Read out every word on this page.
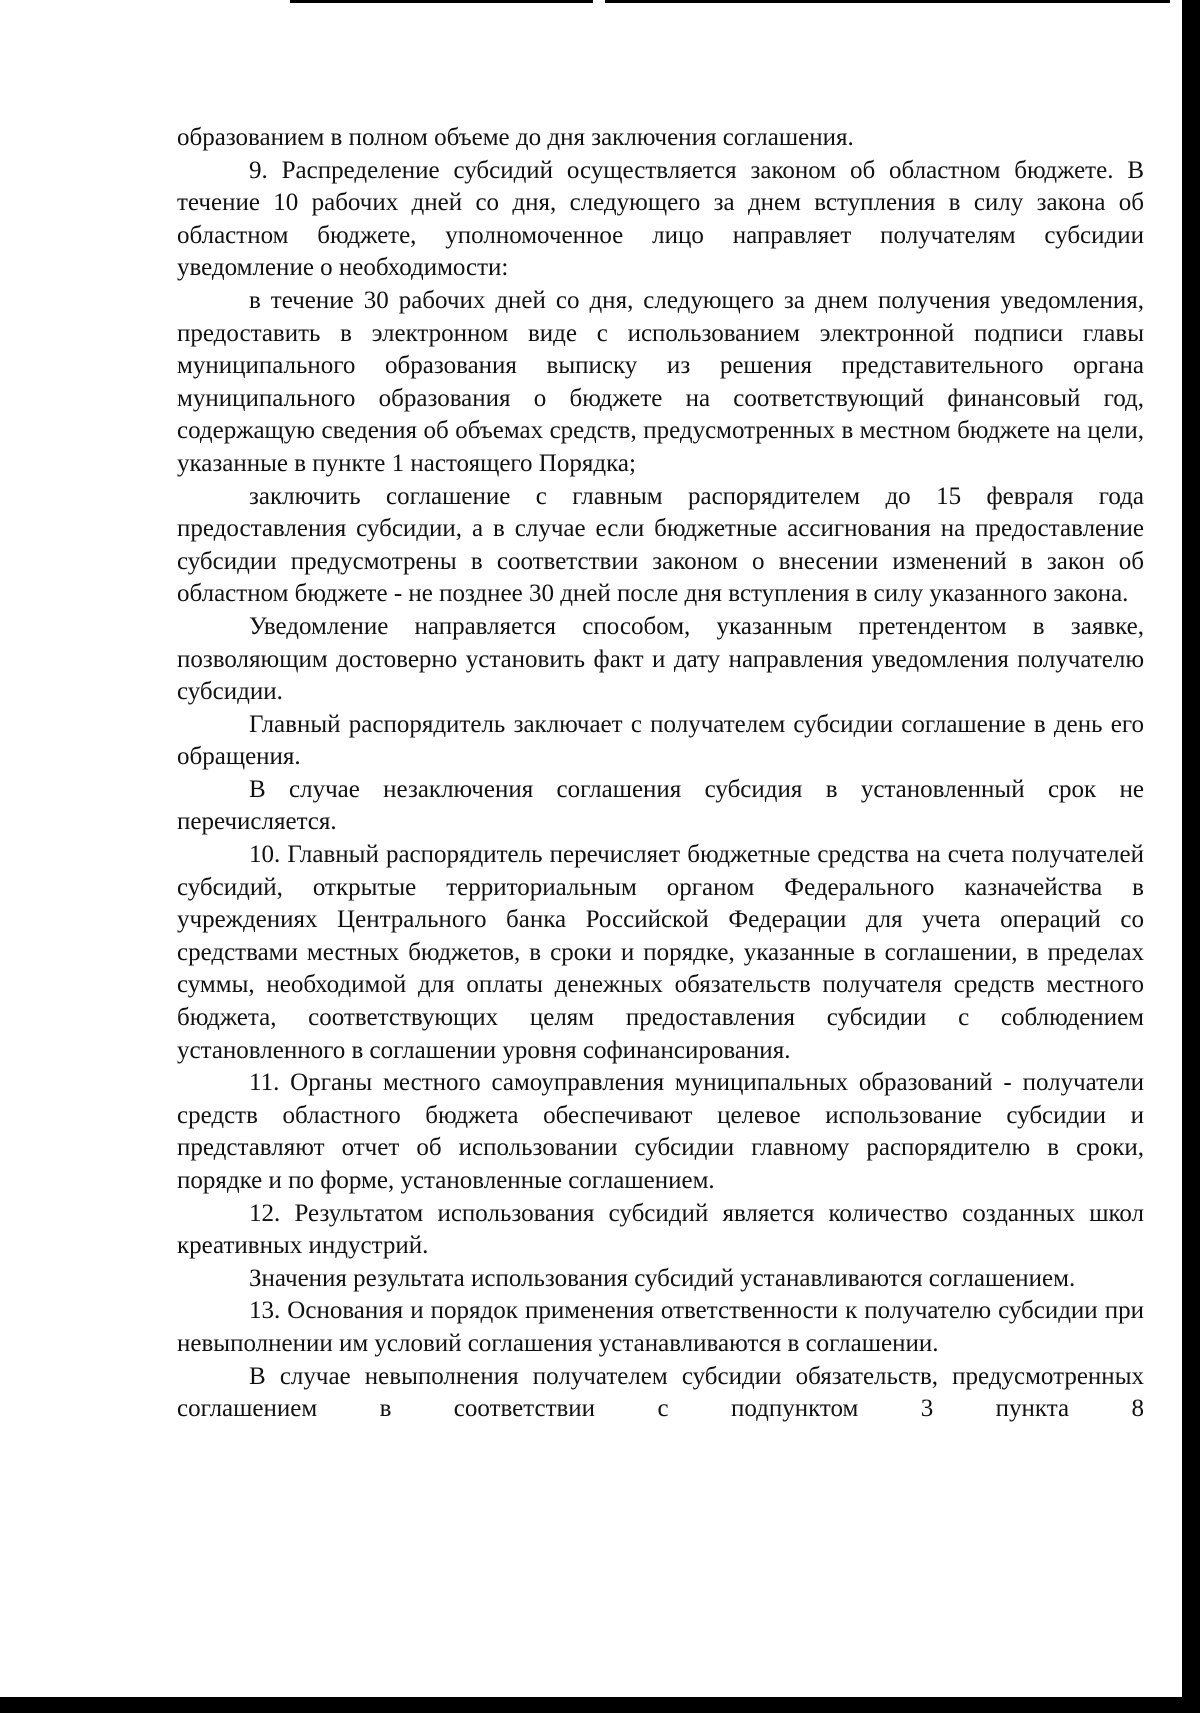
образованием в полном объеме до дня заключения соглашения.

9. Распределение субсидий осуществляется законом об областном бюджете. В течение 10 рабочих дней со дня, следующего за днем вступления в силу закона об областном бюджете, уполномоченное лицо направляет получателям субсидии уведомление о необходимости:

в течение 30 рабочих дней со дня, следующего за днем получения уведомления, предоставить в электронном виде с использованием электронной подписи главы муниципального образования выписку из решения представительного органа муниципального образования о бюджете на соответствующий финансовый год, содержащую сведения об объемах средств, предусмотренных в местном бюджете на цели, указанные в пункте 1 настоящего Порядка;

заключить соглашение с главным распорядителем до 15 февраля года предоставления субсидии, а в случае если бюджетные ассигнования на предоставление субсидии предусмотрены в соответствии законом о внесении изменений в закон об областном бюджете - не позднее 30 дней после дня вступления в силу указанного закона.

Уведомление направляется способом, указанным претендентом в заявке, позволяющим достоверно установить факт и дату направления уведомления получателю субсидии.

Главный распорядитель заключает с получателем субсидии соглашение в день его обращения.

В случае незаключения соглашения субсидия в установленный срок не перечисляется.

10. Главный распорядитель перечисляет бюджетные средства на счета получателей субсидий, открытые территориальным органом Федерального казначейства в учреждениях Центрального банка Российской Федерации для учета операций со средствами местных бюджетов, в сроки и порядке, указанные в соглашении, в пределах суммы, необходимой для оплаты денежных обязательств получателя средств местного бюджета, соответствующих целям предоставления субсидии с соблюдением установленного в соглашении уровня софинансирования.

11. Органы местного самоуправления муниципальных образований - получатели средств областного бюджета обеспечивают целевое использование субсидии и представляют отчет об использовании субсидии главному распорядителю в сроки, порядке и по форме, установленные соглашением.

12. Результатом использования субсидий является количество созданных школ креативных индустрий.

Значения результата использования субсидий устанавливаются соглашением.

13. Основания и порядок применения ответственности к получателю субсидии при невыполнении им условий соглашения устанавливаются в соглашении.

В случае невыполнения получателем субсидии обязательств, предусмотренных соглашением в соответствии с подпунктом 3 пункта 8
